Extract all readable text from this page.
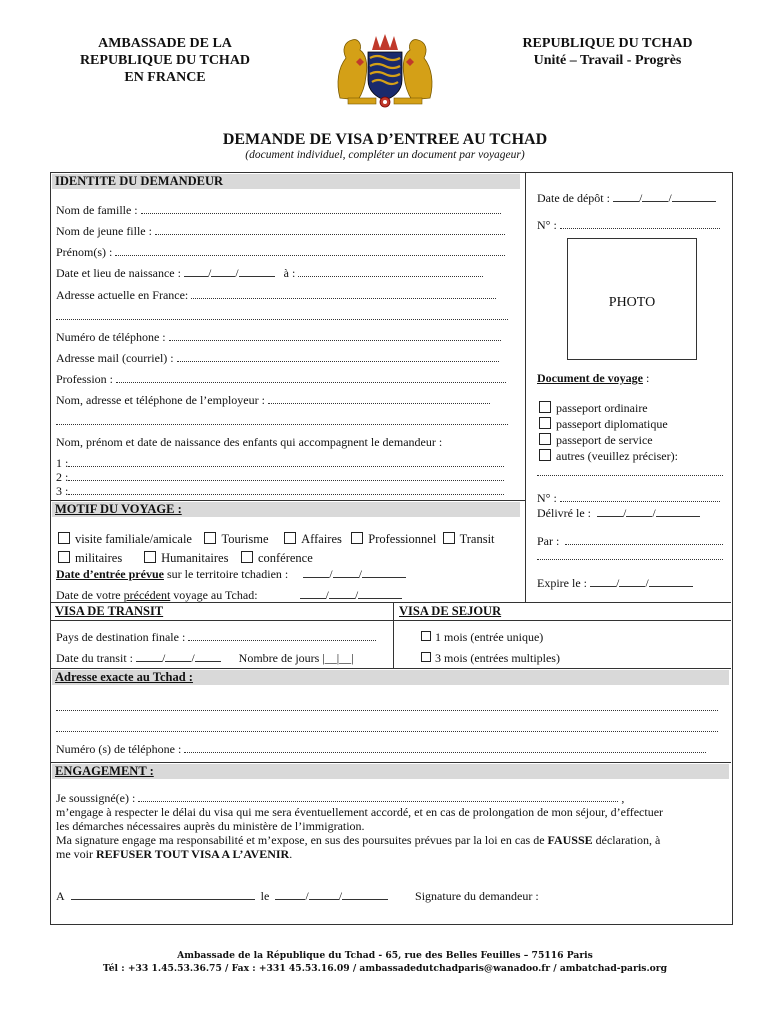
AMBASSADE DE LA
REPUBLIQUE DU TCHAD
EN FRANCE
REPUBLIQUE DU TCHAD
Unité – Travail - Progrès
DEMANDE DE VISA D’ENTREE AU TCHAD
(document individuel, compléter un document par voyageur)
IDENTITE DU DEMANDEUR
Nom de famille :
Nom de jeune fille :
Prénom(s) :
Date et lieu de naissance : / /	à :
Adresse actuelle en France:
Numéro de téléphone :
Adresse mail (courriel) :
Profession :
Nom, adresse et téléphone de l’employeur :
Nom, prénom et date de naissance des enfants qui accompagnent le demandeur :
1 :
2 :
3 :
Date de dépôt : / /
N° :
PHOTO
Document de voyage :
passeport ordinaire
passeport diplomatique
passeport de service
autres (veuillez préciser):
N° :
Délivré le :	/ /
Par :
Expire le : / /
MOTIF DU VOYAGE :
visite familiale/amicale Tourisme	Affaires Professionnel Transit
militaires	Humanitaires conférence
Date d’entrée prévue sur le territoire tchadien :	/ /
Date de votre précédent voyage au Tchad:	/ /
VISA DE TRANSIT	VISA DE SEJOUR
Pays de destination finale :
Date du transit : / /	Nombre de jours |__|__|
1 mois (entrée unique)
3 mois (entrées multiples)
Adresse exacte au Tchad :
Numéro (s) de téléphone :
ENGAGEMENT :
Je soussigné(e) :	,
m’engage à respecter le délai du visa qui me sera éventuellement accordé, et en cas de prolongation de mon séjour, d’effectuer
les démarches nécessaires auprès du ministère de l’immigration.
Ma signature engage ma responsabilité et m’expose, en sus des poursuites prévues par la loi en cas de FAUSSE déclaration, à
me voir REFUSER TOUT VISA A L’AVENIR.
A	le	/	/	Signature du demandeur :
Ambassade de la République du Tchad - 65, rue des Belles Feuilles – 75116 Paris
Tél : +33 1.45.53.36.75 / Fax : +331 45.53.16.09 / ambassadedutchadparis@wanadoo.fr / ambatchad-paris.org
